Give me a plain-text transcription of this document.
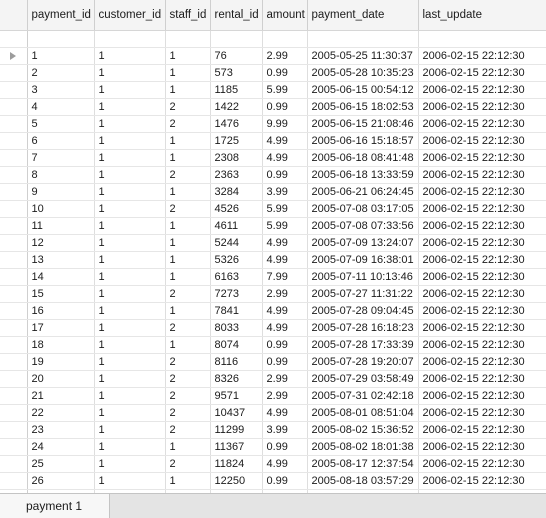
	payment_id	customer_id	staff_id	rental_id	amount	payment_date	last_update

	1	1	1	76	2.99	2005-05-25 11:30:37	2006-02-15 22:12:30
	2	1	1	573	0.99	2005-05-28 10:35:23	2006-02-15 22:12:30
	3	1	1	1185	5.99	2005-06-15 00:54:12	2006-02-15 22:12:30
	4	1	2	1422	0.99	2005-06-15 18:02:53	2006-02-15 22:12:30
	5	1	2	1476	9.99	2005-06-15 21:08:46	2006-02-15 22:12:30
	6	1	1	1725	4.99	2005-06-16 15:18:57	2006-02-15 22:12:30
	7	1	1	2308	4.99	2005-06-18 08:41:48	2006-02-15 22:12:30
	8	1	2	2363	0.99	2005-06-18 13:33:59	2006-02-15 22:12:30
	9	1	1	3284	3.99	2005-06-21 06:24:45	2006-02-15 22:12:30
	10	1	2	4526	5.99	2005-07-08 03:17:05	2006-02-15 22:12:30
	11	1	1	4611	5.99	2005-07-08 07:33:56	2006-02-15 22:12:30
	12	1	1	5244	4.99	2005-07-09 13:24:07	2006-02-15 22:12:30
	13	1	1	5326	4.99	2005-07-09 16:38:01	2006-02-15 22:12:30
	14	1	1	6163	7.99	2005-07-11 10:13:46	2006-02-15 22:12:30
	15	1	2	7273	2.99	2005-07-27 11:31:22	2006-02-15 22:12:30
	16	1	1	7841	4.99	2005-07-28 09:04:45	2006-02-15 22:12:30
	17	1	2	8033	4.99	2005-07-28 16:18:23	2006-02-15 22:12:30
	18	1	1	8074	0.99	2005-07-28 17:33:39	2006-02-15 22:12:30
	19	1	2	8116	0.99	2005-07-28 19:20:07	2006-02-15 22:12:30
	20	1	2	8326	2.99	2005-07-29 03:58:49	2006-02-15 22:12:30
	21	1	2	9571	2.99	2005-07-31 02:42:18	2006-02-15 22:12:30
	22	1	2	10437	4.99	2005-08-01 08:51:04	2006-02-15 22:12:30
	23	1	2	11299	3.99	2005-08-02 15:36:52	2006-02-15 22:12:30
	24	1	1	11367	0.99	2005-08-02 18:01:38	2006-02-15 22:12:30
	25	1	2	11824	4.99	2005-08-17 12:37:54	2006-02-15 22:12:30
	26	1	1	12250	0.99	2005-08-18 03:57:29	2006-02-15 22:12:30

payment 1
